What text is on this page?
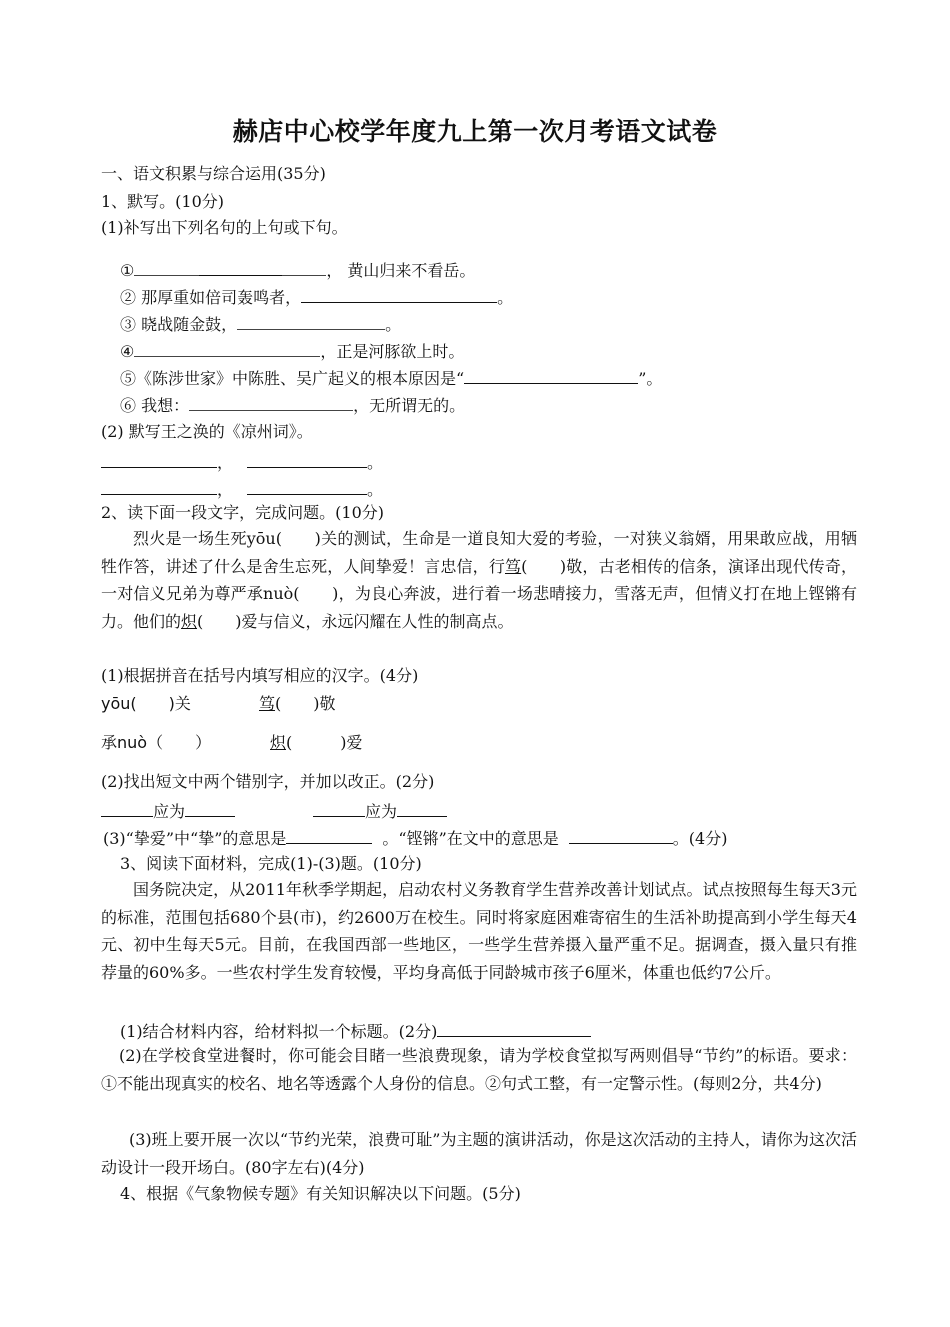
赫店中心校学年度九上第一次月考语文试卷
一、语文积累与综合运用(35分)
1、默写。(10分)
(1)补写出下列名句的上句或下句。
①	， 黄山归来不看岳。
② 那厚重如倍司轰鸣者，	。
③ 晓战随金鼓，	。
④	，正是河豚欲上时。
⑤《陈涉世家》中陈胜、吴广起义的根本原因是“	”。
⑥ 我想：	，无所谓无的。
(2) 默写王之涣的《凉州词》。
，	。
，	。
2、读下面一段文字，完成问题。(10分)
烈火是一场生死yōu(　　)关的测试，生命是一道良知大爱的考验，一对狭义翁婿，用果敢应战，用牺牲作答，讲述了什么是舍生忘死，人间挚爱！言忠信，行笃(　　)敬，古老相传的信条，演译出现代传奇，一对信义兄弟为尊严承nuò(　　)，为良心奔波，进行着一场悲晴接力，雪落无声，但情义打在地上铿锵有力。他们的炽(　　)爱与信义，永远闪耀在人性的制高点。
(1)根据拼音在括号内填写相应的汉字。(4分)
yōu(　　)关	笃(　　)敬
承nuò（　　）	炽(　　　)爱
(2)找出短文中两个错别字，并加以改正。(2分)
应为	应为
(3)“挚爱”中“挚”的意思是	。“铿锵”在文中的意思是	。(4分)
3、阅读下面材料，完成(1)-(3)题。(10分)
国务院决定，从2011年秋季学期起，启动农村义务教育学生营养改善计划试点。试点按照每生每天3元的标准，范围包括680个县(市)，约2600万在校生。同时将家庭困难寄宿生的生活补助提高到小学生每天4元、初中生每天5元。目前，在我国西部一些地区，一些学生营养摄入量严重不足。据调查，摄入量只有推荐量的60%多。一些农村学生发育较慢，平均身高低于同龄城市孩子6厘米，体重也低约7公斤。
(1)结合材料内容，给材料拟一个标题。(2分)
(2)在学校食堂进餐时，你可能会目睹一些浪费现象，请为学校食堂拟写两则倡导“节约”的标语。要求：①不能出现真实的校名、地名等透露个人身份的信息。②句式工整，有一定警示性。(每则2分，共4分)
(3)班上要开展一次以“节约光荣，浪费可耻”为主题的演讲活动，你是这次活动的主持人，请你为这次活动设计一段开场白。(80字左右)(4分)
4、根据《气象物候专题》有关知识解决以下问题。(5分)
